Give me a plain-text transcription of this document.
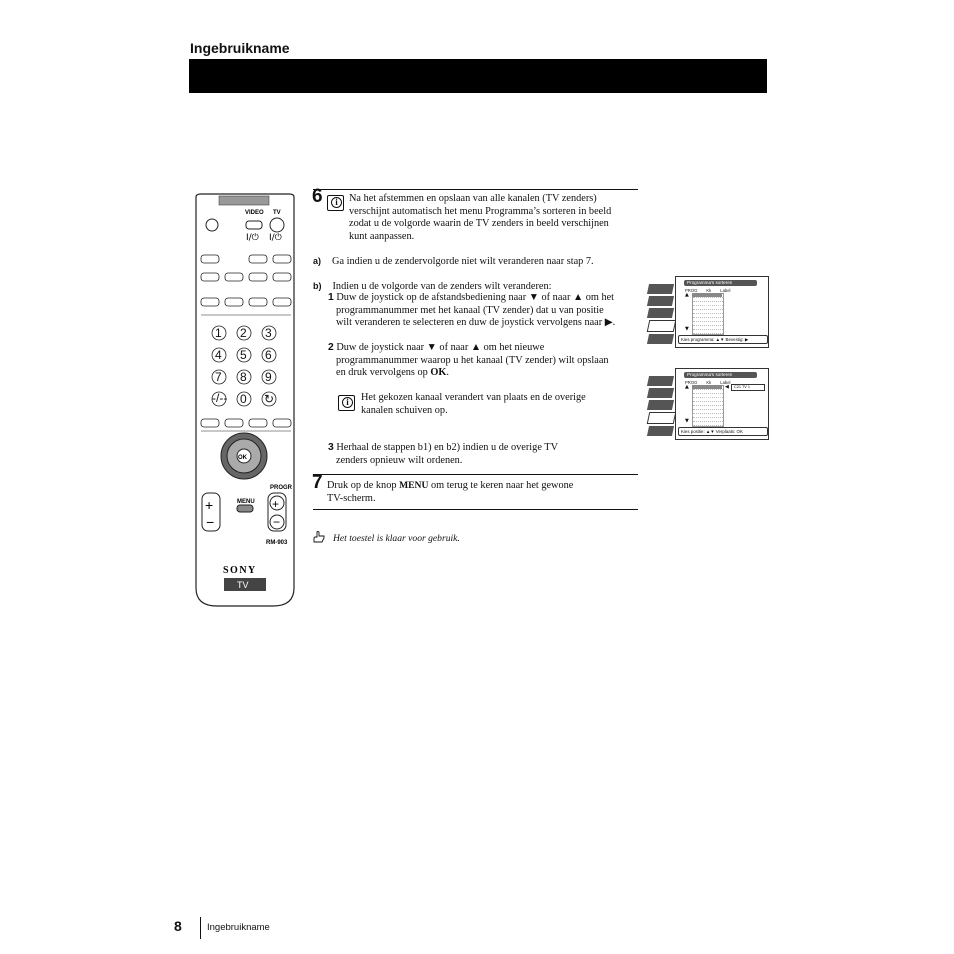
Ingebruikname
VIDEO TV
I/⏻ I/⏻
1 2 3
4 5 6
7 8 9
-/-- 0 ↻
OK
PROGR
+
−
+
−
MENU
RM-903
SONY
TV
6	i	Na het afstemmen en opslaan van alle kanalen (TV zenders)
verschijnt automatisch het menu Programma’s sorteren in beeld
zodat u de volgorde waarin de TV zenders in beeld verschijnen
kunt aanpassen.
a) Ga indien u de zendervolgorde niet wilt veranderen naar stap 7.
b) Indien u de volgorde van de zenders wilt veranderen:
1 Duw de joystick op de afstandsbediening naar ▼ of naar ▲ om het
programmanummer met het kanaal (TV zender) dat u van positie
wilt veranderen te selecteren en duw de joystick vervolgens naar ▶.
2 Duw de joystick naar ▼ of naar ▲ om het nieuwe
programmanummer waarop u het kanaal (TV zender) wilt opslaan
en druk vervolgens op OK.
i	Het gekozen kanaal verandert van plaats en de overige
kanalen schuiven op.
3 Herhaal de stappen b1) en b2) indien u de overige TV
zenders opnieuw wilt ordenen.
7 Druk op de knop MENU om terug te keren naar het gewone
TV-scherm.
Het toestel is klaar voor gebruik.
Programma’s sorteren
PROG Kk Label
▲
▼
1 C21 TV 1
Kies programma: ▲▼ Bevestig: ▶
Programma’s sorteren
PROG Kk Label
▲
▼
1 C21 TV 1
◀	C21 TV 1
Kies positie: ▲▼ Verplaats: OK
8	Ingebruikname
